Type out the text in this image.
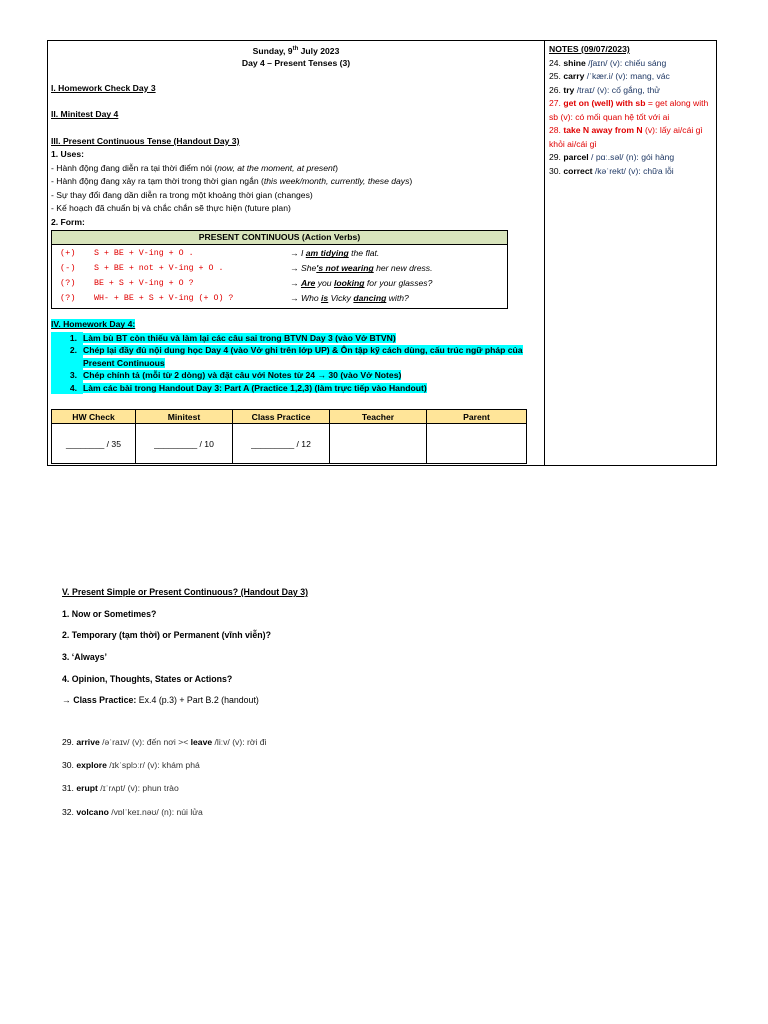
Sunday, 9th July 2023
Day 4 – Present Tenses (3)
I. Homework Check Day 3
II. Minitest Day 4
III. Present Continuous Tense (Handout Day 3)
1. Uses:
- Hành động đang diễn ra tại thời điểm nói (now, at the moment, at present)
- Hành động đang xảy ra tạm thời trong thời gian ngắn (this week/month, currently, these days)
- Sự thay đổi đang dần diễn ra trong một khoảng thời gian (changes)
- Kế hoạch đã chuẩn bị và chắc chắn sẽ thực hiện (future plan)
2. Form:
PRESENT CONTINUOUS (Action Verbs)

(+)	S + BE + V-ing + O .	→ I am tidying the flat.
(-)	S + BE + not + V-ing + O .	→ She's not wearing her new dress.
(?)	BE + S + V-ing + O ?	→ Are you looking for your glasses?
(?)	WH- + BE + S + V-ing (+ O) ?	→ Who is Vicky dancing with?
IV. Homework Day 4:
1. Làm bù BT còn thiếu và làm lại các câu sai trong BTVN Day 3 (vào Vở BTVN)
2. Chép lại đầy đủ nội dung học Day 4 (vào Vở ghi trên lớp UP) & Ôn tập kỹ cách dùng, cấu trúc ngữ pháp của Present Continuous
3. Chép chính tả (mỗi từ 2 dòng) và đặt câu với Notes từ 24 → 30 (vào Vở Notes)
4. Làm các bài trong Handout Day 3: Part A (Practice 1,2,3) (làm trực tiếp vào Handout)
HW Check	Minitest	Class Practice	Teacher	Parent
________ / 35	_________ / 10	_________ / 12		
NOTES (09/07/2023)
24. shine /ʃaɪn/ (v): chiếu sáng
25. carry /ˈkær.i/ (v): mang, vác
26. try /traɪ/ (v): cố gắng, thử
27. get on (well) with sb = get along with sb (v): có mối quan hệ tốt với ai
28. take N away from N (v): lấy ai/cái gì khỏi ai/cái gì
29. parcel / pɑː.səl/ (n): gói hàng
30. correct /kəˈrekt/ (v): chữa lỗi
V. Present Simple or Present Continuous? (Handout Day 3)
1. Now or Sometimes?
2. Temporary (tạm thời) or Permanent (vĩnh viễn)?
3. ‘Always’
4. Opinion, Thoughts, States or Actions?
→ Class Practice: Ex.4 (p.3) + Part B.2 (handout)
29. arrive /əˈraɪv/ (v): đến nơi >< leave /liːv/ (v): rời đi
30. explore /ɪkˈsplɔːr/ (v): khám phá
31. erupt /ɪˈrʌpt/ (v): phun trào
32. volcano /vɒlˈkeɪ.nəʊ/ (n): núi lửa
